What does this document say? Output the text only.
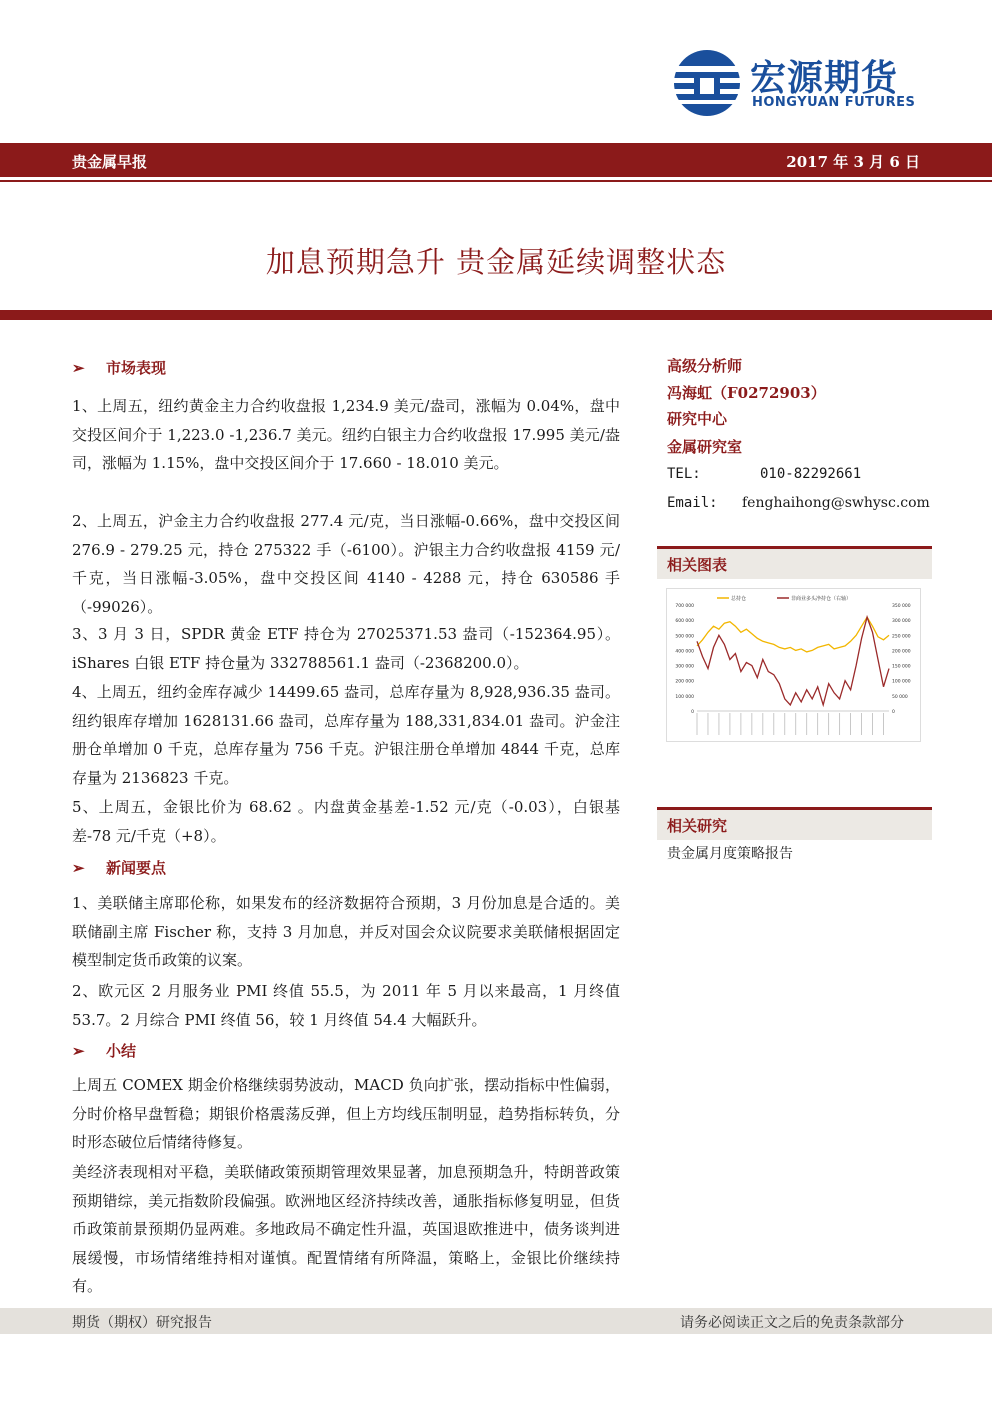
宏源期货
HONGYUAN FUTURES
贵金属早报	2017 年 3 月 6 日
加息预期急升 贵金属延续调整状态
➢ 市场表现
1、上周五，纽约黄金主力合约收盘报 1,234.9 美元/盎司，涨幅为 0.04%，盘中交投区间介于 1,223.0 -1,236.7 美元。纽约白银主力合约收盘报 17.995 美元/盎司，涨幅为 1.15%，盘中交投区间介于 17.660 - 18.010 美元。
2、上周五，沪金主力合约收盘报 277.4 元/克，当日涨幅-0.66%，盘中交投区间 276.9 - 279.25 元，持仓 275322 手（-6100）。沪银主力合约收盘报 4159 元/千克，当日涨幅-3.05%，盘中交投区间 4140 - 4288 元，持仓 630586 手（-99026）。
3、3 月 3 日，SPDR 黄金 ETF 持仓为 27025371.53 盎司（-152364.95）。iShares 白银 ETF 持仓量为 332788561.1 盎司（-2368200.0）。
4、上周五，纽约金库存减少 14499.65 盎司，总库存量为 8,928,936.35 盎司。纽约银库存增加 1628131.66 盎司，总库存量为 188,331,834.01 盎司。沪金注册仓单增加 0 千克，总库存量为 756 千克。沪银注册仓单增加 4844 千克，总库存量为 2136823 千克。
5、上周五，金银比价为 68.62 。内盘黄金基差-1.52 元/克（-0.03），白银基差-78 元/千克（+8）。
➢ 新闻要点
1、美联储主席耶伦称，如果发布的经济数据符合预期，3 月份加息是合适的。美联储副主席 Fischer 称，支持 3 月加息，并反对国会众议院要求美联储根据固定模型制定货币政策的议案。
2、欧元区 2 月服务业 PMI 终值 55.5，为 2011 年 5 月以来最高，1 月终值 53.7。2 月综合 PMI 终值 56，较 1 月终值 54.4 大幅跃升。
➢ 小结
上周五 COMEX 期金价格继续弱势波动，MACD 负向扩张，摆动指标中性偏弱，分时价格早盘暂稳；期银价格震荡反弹，但上方均线压制明显，趋势指标转负，分时形态破位后情绪待修复。
美经济表现相对平稳，美联储政策预期管理效果显著，加息预期急升，特朗普政策预期错综，美元指数阶段偏强。欧洲地区经济持续改善，通胀指标修复明显，但货币政策前景预期仍显两难。多地政局不确定性升温，英国退欧推进中，债务谈判进展缓慢，市场情绪维持相对谨慎。配置情绪有所降温，策略上，金银比价继续持有。
高级分析师
冯海虹（F0272903）
研究中心
金属研究室
TEL:	010-82292661
Email: fenghaihong@swhysc.com
相关图表
700 000
600 000
500 000
400 000
300 000
200 000
100 000
0
350 000
300 000
250 000
200 000
150 000
100 000
50 000
0
总持仓	非商业多头净持仓（右轴）
相关研究
贵金属月度策略报告
期货（期权）研究报告	请务必阅读正文之后的免责条款部分
